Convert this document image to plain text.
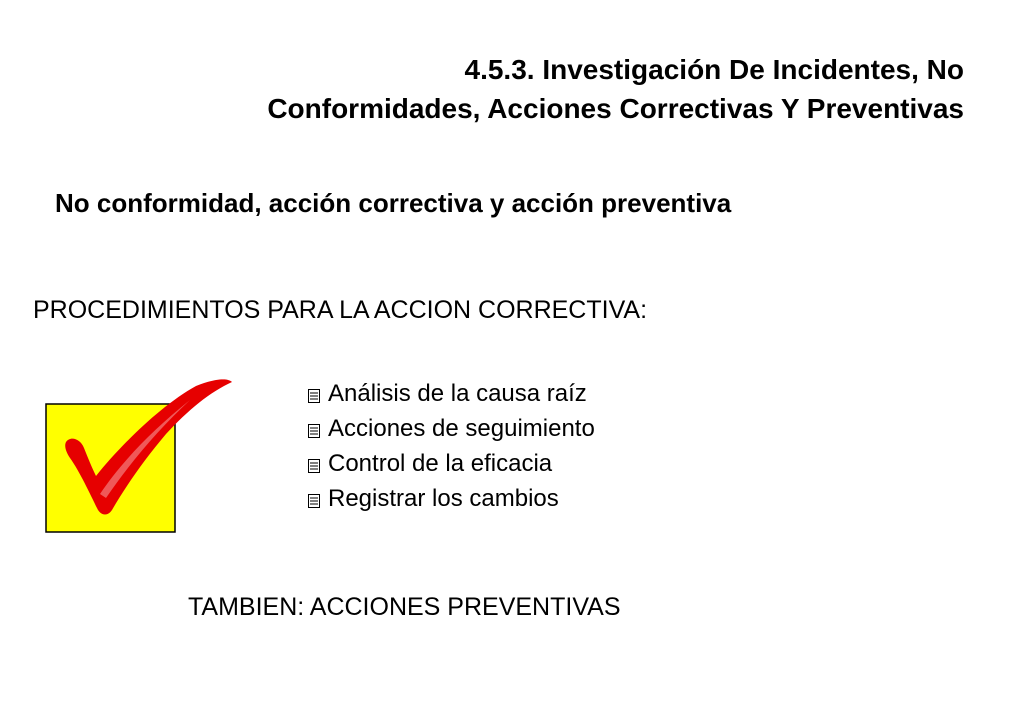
4.5.3. Investigación De Incidentes, No
Conformidades, Acciones Correctivas Y Preventivas
No conformidad, acción correctiva y acción preventiva

PROCEDIMIENTOS PARA LA ACCION CORRECTIVA:

Análisis de la causa raíz
Acciones de seguimiento
Control de la eficacia
Registrar los cambios

TAMBIEN: ACCIONES PREVENTIVAS
